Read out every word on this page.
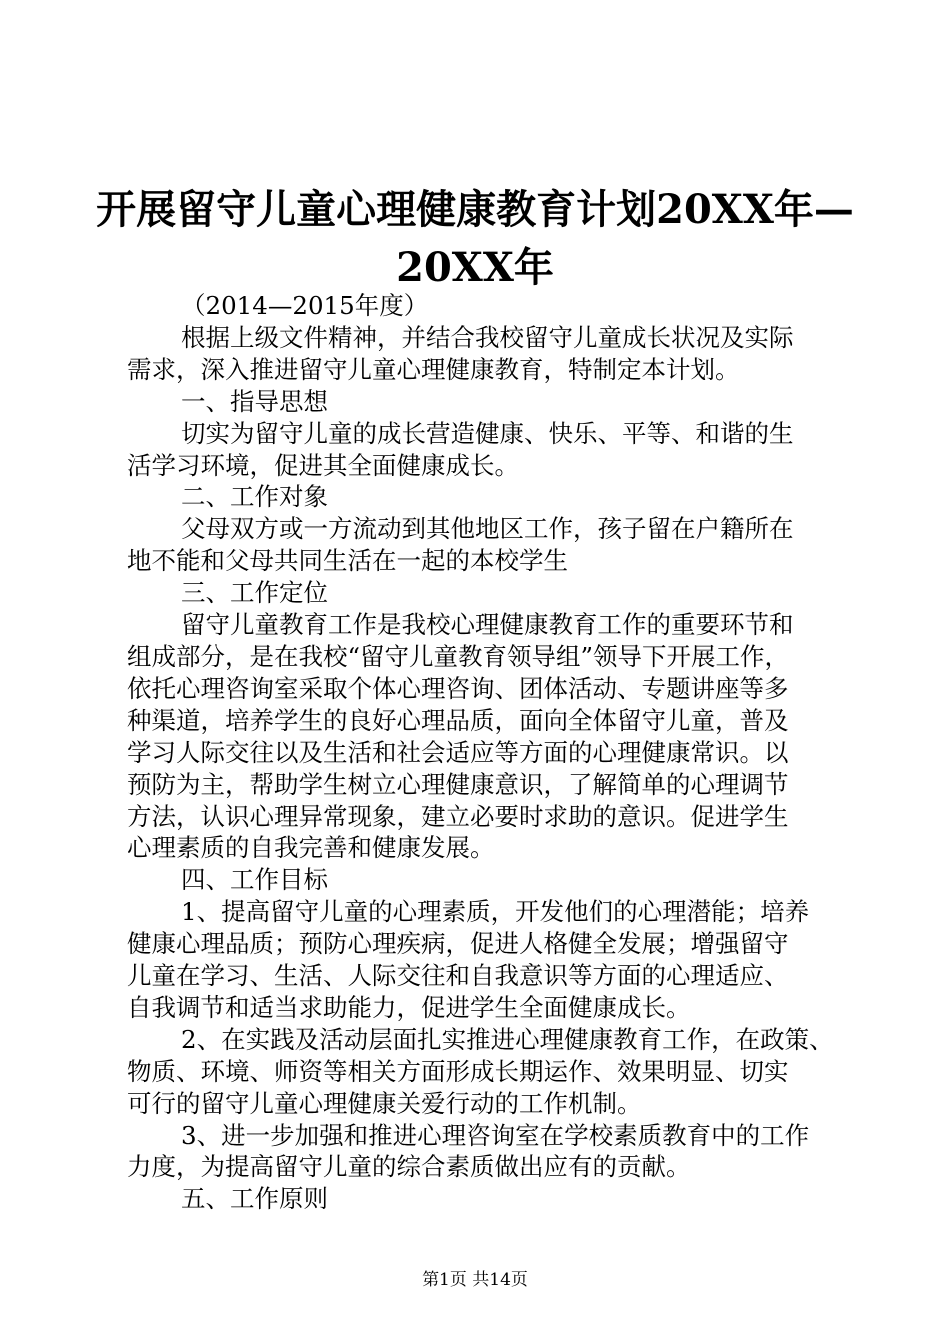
开展留守儿童心理健康教育计划20XX年—
20XX年

（2014—2015年度）

根据上级文件精神，并结合我校留守儿童成长状况及实际

需求，深入推进留守儿童心理健康教育，特制定本计划。

一、指导思想

切实为留守儿童的成长营造健康、快乐、平等、和谐的生

活学习环境，促进其全面健康成长。

二、工作对象

父母双方或一方流动到其他地区工作，孩子留在户籍所在

地不能和父母共同生活在一起的本校学生

三、工作定位

留守儿童教育工作是我校心理健康教育工作的重要环节和

组成部分，是在我校“留守儿童教育领导组”领导下开展工作，

依托心理咨询室采取个体心理咨询、团体活动、专题讲座等多

种渠道，培养学生的良好心理品质，面向全体留守儿童，普及

学习人际交往以及生活和社会适应等方面的心理健康常识。以

预防为主，帮助学生树立心理健康意识，了解简单的心理调节

方法，认识心理异常现象，建立必要时求助的意识。促进学生

心理素质的自我完善和健康发展。

四、工作目标

1、提高留守儿童的心理素质，开发他们的心理潜能；培养

健康心理品质；预防心理疾病，促进人格健全发展；增强留守

儿童在学习、生活、人际交往和自我意识等方面的心理适应、

自我调节和适当求助能力，促进学生全面健康成长。

2、在实践及活动层面扎实推进心理健康教育工作，在政策、

物质、环境、师资等相关方面形成长期运作、效果明显、切实

可行的留守儿童心理健康关爱行动的工作机制。

3、进一步加强和推进心理咨询室在学校素质教育中的工作

力度，为提高留守儿童的综合素质做出应有的贡献。

五、工作原则

第1页 共14页
